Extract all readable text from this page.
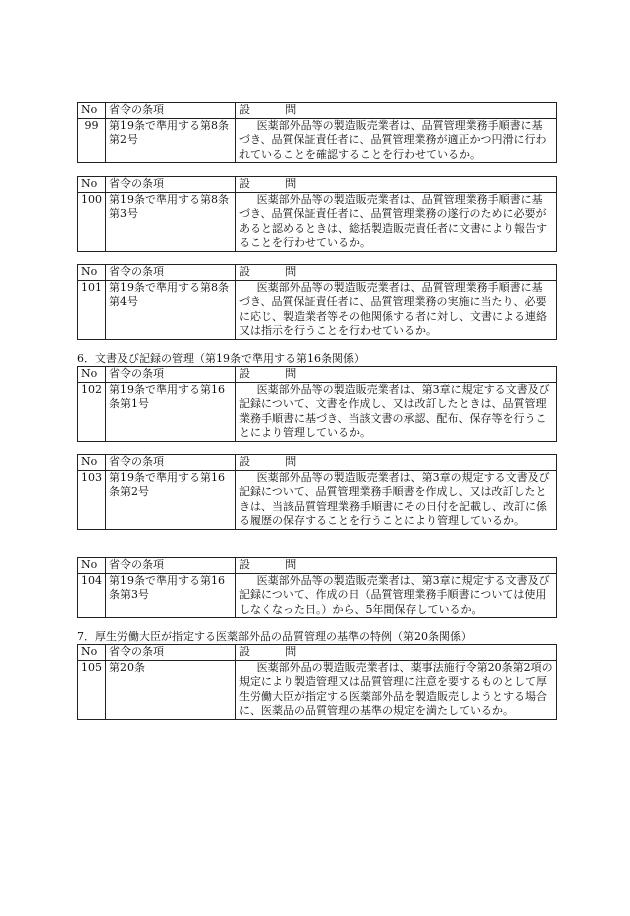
No	省令の条項	設　問
99	第19条で準用する第8条第2号	医薬部外品等の製造販売業者は、品質管理業務手順書に基づき、品質保証責任者に、品質管理業務が適正かつ円滑に行われていることを確認することを行わせているか。
No	省令の条項	設　問
100	第19条で準用する第8条第3号	医薬部外品等の製造販売業者は、品質管理業務手順書に基づき、品質保証責任者に、品質管理業務の遂行のために必要があると認めるときは、総括製造販売責任者に文書により報告することを行わせているか。
No	省令の条項	設　問
101	第19条で準用する第8条第4号	医薬部外品等の製造販売業者は、品質管理業務手順書に基づき、品質保証責任者に、品質管理業務の実施に当たり、必要に応じ、製造業者等その他関係する者に対し、文書による連絡又は指示を行うことを行わせているか。
6．文書及び記録の管理（第19条で準用する第16条関係）
No	省令の条項	設　問
102	第19条で準用する第16条第1号	医薬部外品等の製造販売業者は、第3章に規定する文書及び記録について、文書を作成し、又は改訂したときは、品質管理業務手順書に基づき、当該文書の承認、配布、保存等を行うことにより管理しているか。
No	省令の条項	設　問
103	第19条で準用する第16条第2号	医薬部外品等の製造販売業者は、第3章の規定する文書及び記録について、品質管理業務手順書を作成し、又は改訂したときは、当該品質管理業務手順書にその日付を記載し、改訂に係る履歴の保存することを行うことにより管理しているか。
No	省令の条項	設　問
104	第19条で準用する第16条第3号	医薬部外品等の製造販売業者は、第3章に規定する文書及び記録について、作成の日（品質管理業務手順書については使用しなくなった日。）から、5年間保存しているか。
7．厚生労働大臣が指定する医薬部外品の品質管理の基準の特例（第20条関係）
No	省令の条項	設　問
105	第20条	医薬部外品の製造販売業者は、薬事法施行令第20条第2項の規定により製造管理又は品質管理に注意を要するものとして厚生労働大臣が指定する医薬部外品を製造販売しようとする場合に、医薬品の品質管理の基準の規定を満たしているか。
